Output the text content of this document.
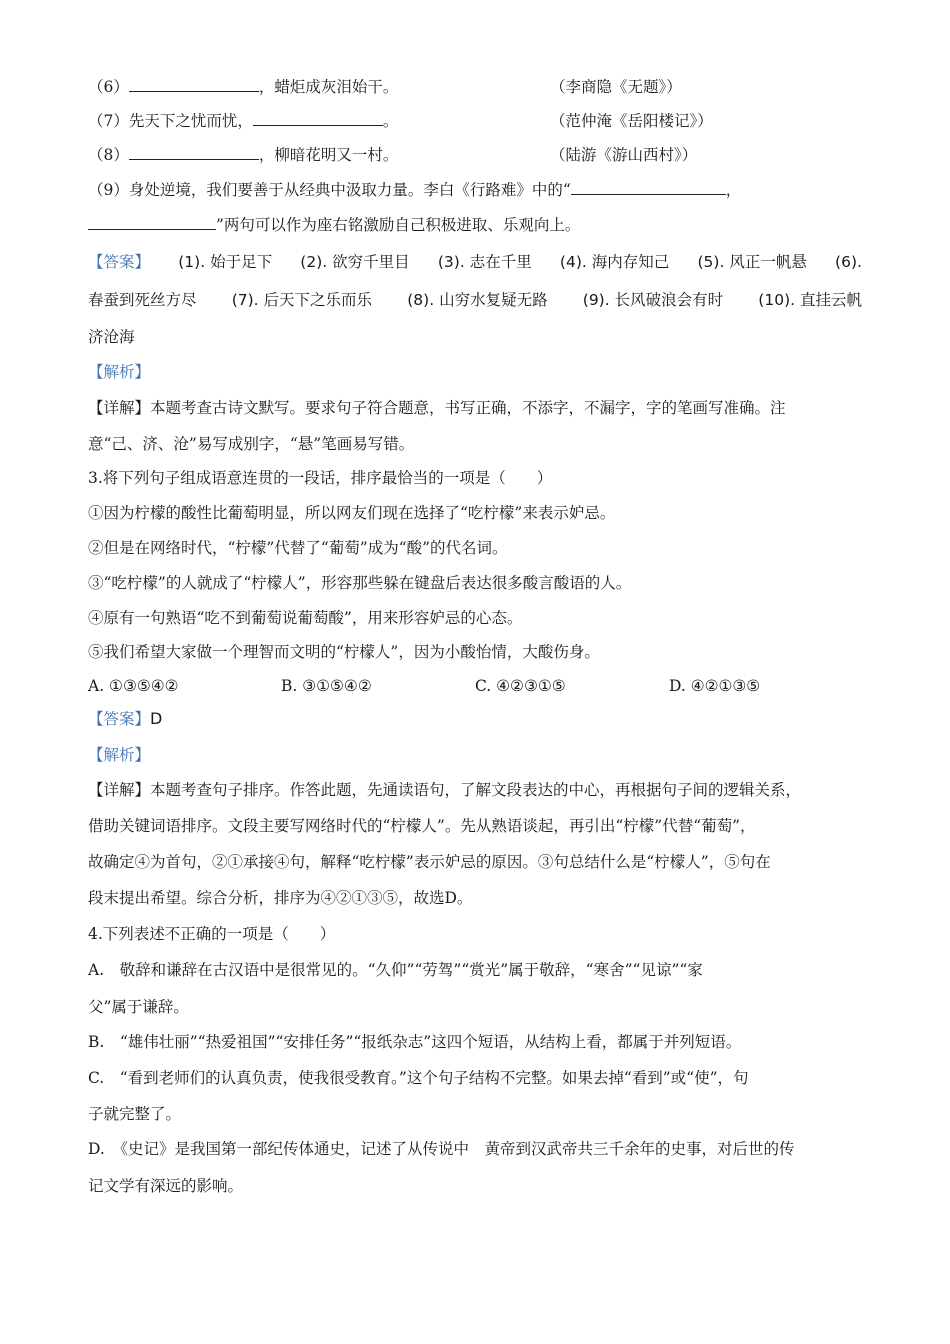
（6）	，蜡炬成灰泪始干。	（李商隐《无题》）
（7）先天下之忧而忧，	。	（范仲淹《岳阳楼记》）
（8）	，柳暗花明又一村。	（陆游《游山西村》）
（9）身处逆境，我们要善于从经典中汲取力量。李白《行路难》中的“	，
”两句可以作为座右铭激励自己积极进取、乐观向上。
【答案】 (1). 始于足下 (2). 欲穷千里目 (3). 志在千里 (4). 海内存知己 (5). 风正一帆悬 (6).
春蚕到死丝方尽 (7). 后天下之乐而乐 (8). 山穷水复疑无路 (9). 长风破浪会有时 (10). 直挂云帆
济沧海
【解析】
【详解】本题考查古诗文默写。要求句子符合题意，书写正确，不添字，不漏字，字的笔画写准确。注
意“己、济、沧”易写成别字，“悬”笔画易写错。
3.将下列句子组成语意连贯的一段话，排序最恰当的一项是（　　）
①因为柠檬的酸性比葡萄明显，所以网友们现在选择了“吃柠檬”来表示妒忌。
②但是在网络时代，“柠檬”代替了“葡萄”成为“酸”的代名词。
③“吃柠檬”的人就成了“柠檬人”，形容那些躲在键盘后表达很多酸言酸语的人。
④原有一句熟语“吃不到葡萄说葡萄酸”，用来形容妒忌的心态。
⑤我们希望大家做一个理智而文明的“柠檬人”，因为小酸怡情，大酸伤身。
A. ①③⑤④②	B. ③①⑤④②	C. ④②③①⑤	D. ④②①③⑤
【答案】D
【解析】
【详解】本题考查句子排序。作答此题，先通读语句，了解文段表达的中心，再根据句子间的逻辑关系，
借助关键词语排序。文段主要写网络时代的“柠檬人”。先从熟语谈起，再引出“柠檬”代替“葡萄”，
故确定④为首句，②①承接④句，解释“吃柠檬”表示妒忌的原因。③句总结什么是“柠檬人”，⑤句在
段末提出希望。综合分析，排序为④②①③⑤，故选D。
4.下列表述不正确的一项是（　　）
A.　敬辞和谦辞在古汉语中是很常见的。“久仰”“劳驾”“赏光”属于敬辞，“寒舍”“见谅”“家
父”属于谦辞。
B.　“雄伟壮丽”“热爱祖国”“安排任务”“报纸杂志”这四个短语，从结构上看，都属于并列短语。
C.　“看到老师们的认真负责，使我很受教育。”这个句子结构不完整。如果去掉“看到”或“使”，句
子就完整了。
D.　《史记》是我国第一部纪传体通史，记述了从传说中　黄帝到汉武帝共三千余年的史事，对后世的传
记文学有深远的影响。
